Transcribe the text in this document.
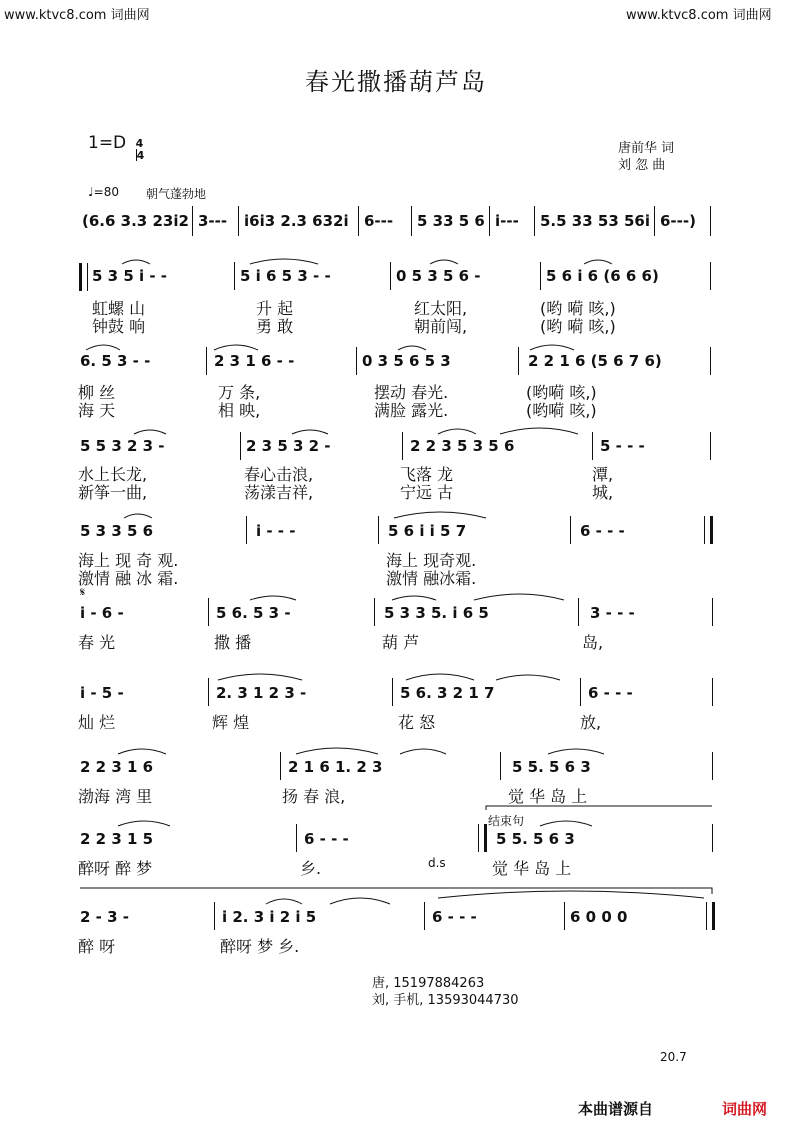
www.ktvc8.com 词曲网	www.ktvc8.com 词曲网
春光撒播葫芦岛
$1=D \frac{4}{4}$	唐前华 词
刘 忽 曲
♩=80 朝气蓬勃地
(6.6 3.3 23i2 3--- i6i3 2.3 632i 6--- 5 33 5 6 i--- 5.5 33 53 56i 6---)
5 3 5 i - -	5 i 6 5 3 - -	0 5 3 5 6 -	5 6 i 6 (6 6 6)
虹螺 山	升 起	红太阳,	(哟 嗬 咳,)
钟鼓 响	勇 敢	朝前闯,	(哟 嗬 咳,)
6. 5 3 - -	2 3 1 6 - -	0 3 5 6 5 3	2 2 1 6 (5 6 7 6)
柳 丝	万 条,	摆动 春光.	(哟嗬 咳,)
海 天	相 映,	满脸 露光.	(哟嗬 咳,)
5 5 3 2 3 -	2 3 5 3 2 -	2 2 3 5 3 5 6	5 - - -
水上长龙,	春心击浪,	飞落 龙	潭,
新筝一曲,	荡漾吉祥,	宁远 古	城,
5 3 3 5 6	i - - -	5 6 i i 5 7	6 - - -
海上 现 奇 观.	海上 现奇观.
激情 融 冰 霜.	激情 融冰霜.
𝄋
i - 6 -	5 6. 5 3 -	5 3 3 5. i 6 5	3 - - -
春 光	撒 播	葫 芦	岛,
i - 5 -	2. 3 1 2 3 -	5 6. 3 2 1 7	6 - - -
灿 烂	辉 煌	花 怒	放,
2 2 3 1 6	2 1 6 1. 2 3	5 5. 5 6 3
渤海 湾 里	扬 春 浪,	觉 华 岛 上
结束句
2 2 3 1 5	6 - - -	5 5. 5 6 3
醉呀 醉 梦	乡.	觉 华 岛 上
d.s
2 - 3 -	i 2. 3 i 2 i 5	6 - - -	6 0 0 0
醉 呀	醉呀 梦 乡.
唐, 15197884263
刘, 手机, 13593044730
20.7
本曲谱源自	词曲网
